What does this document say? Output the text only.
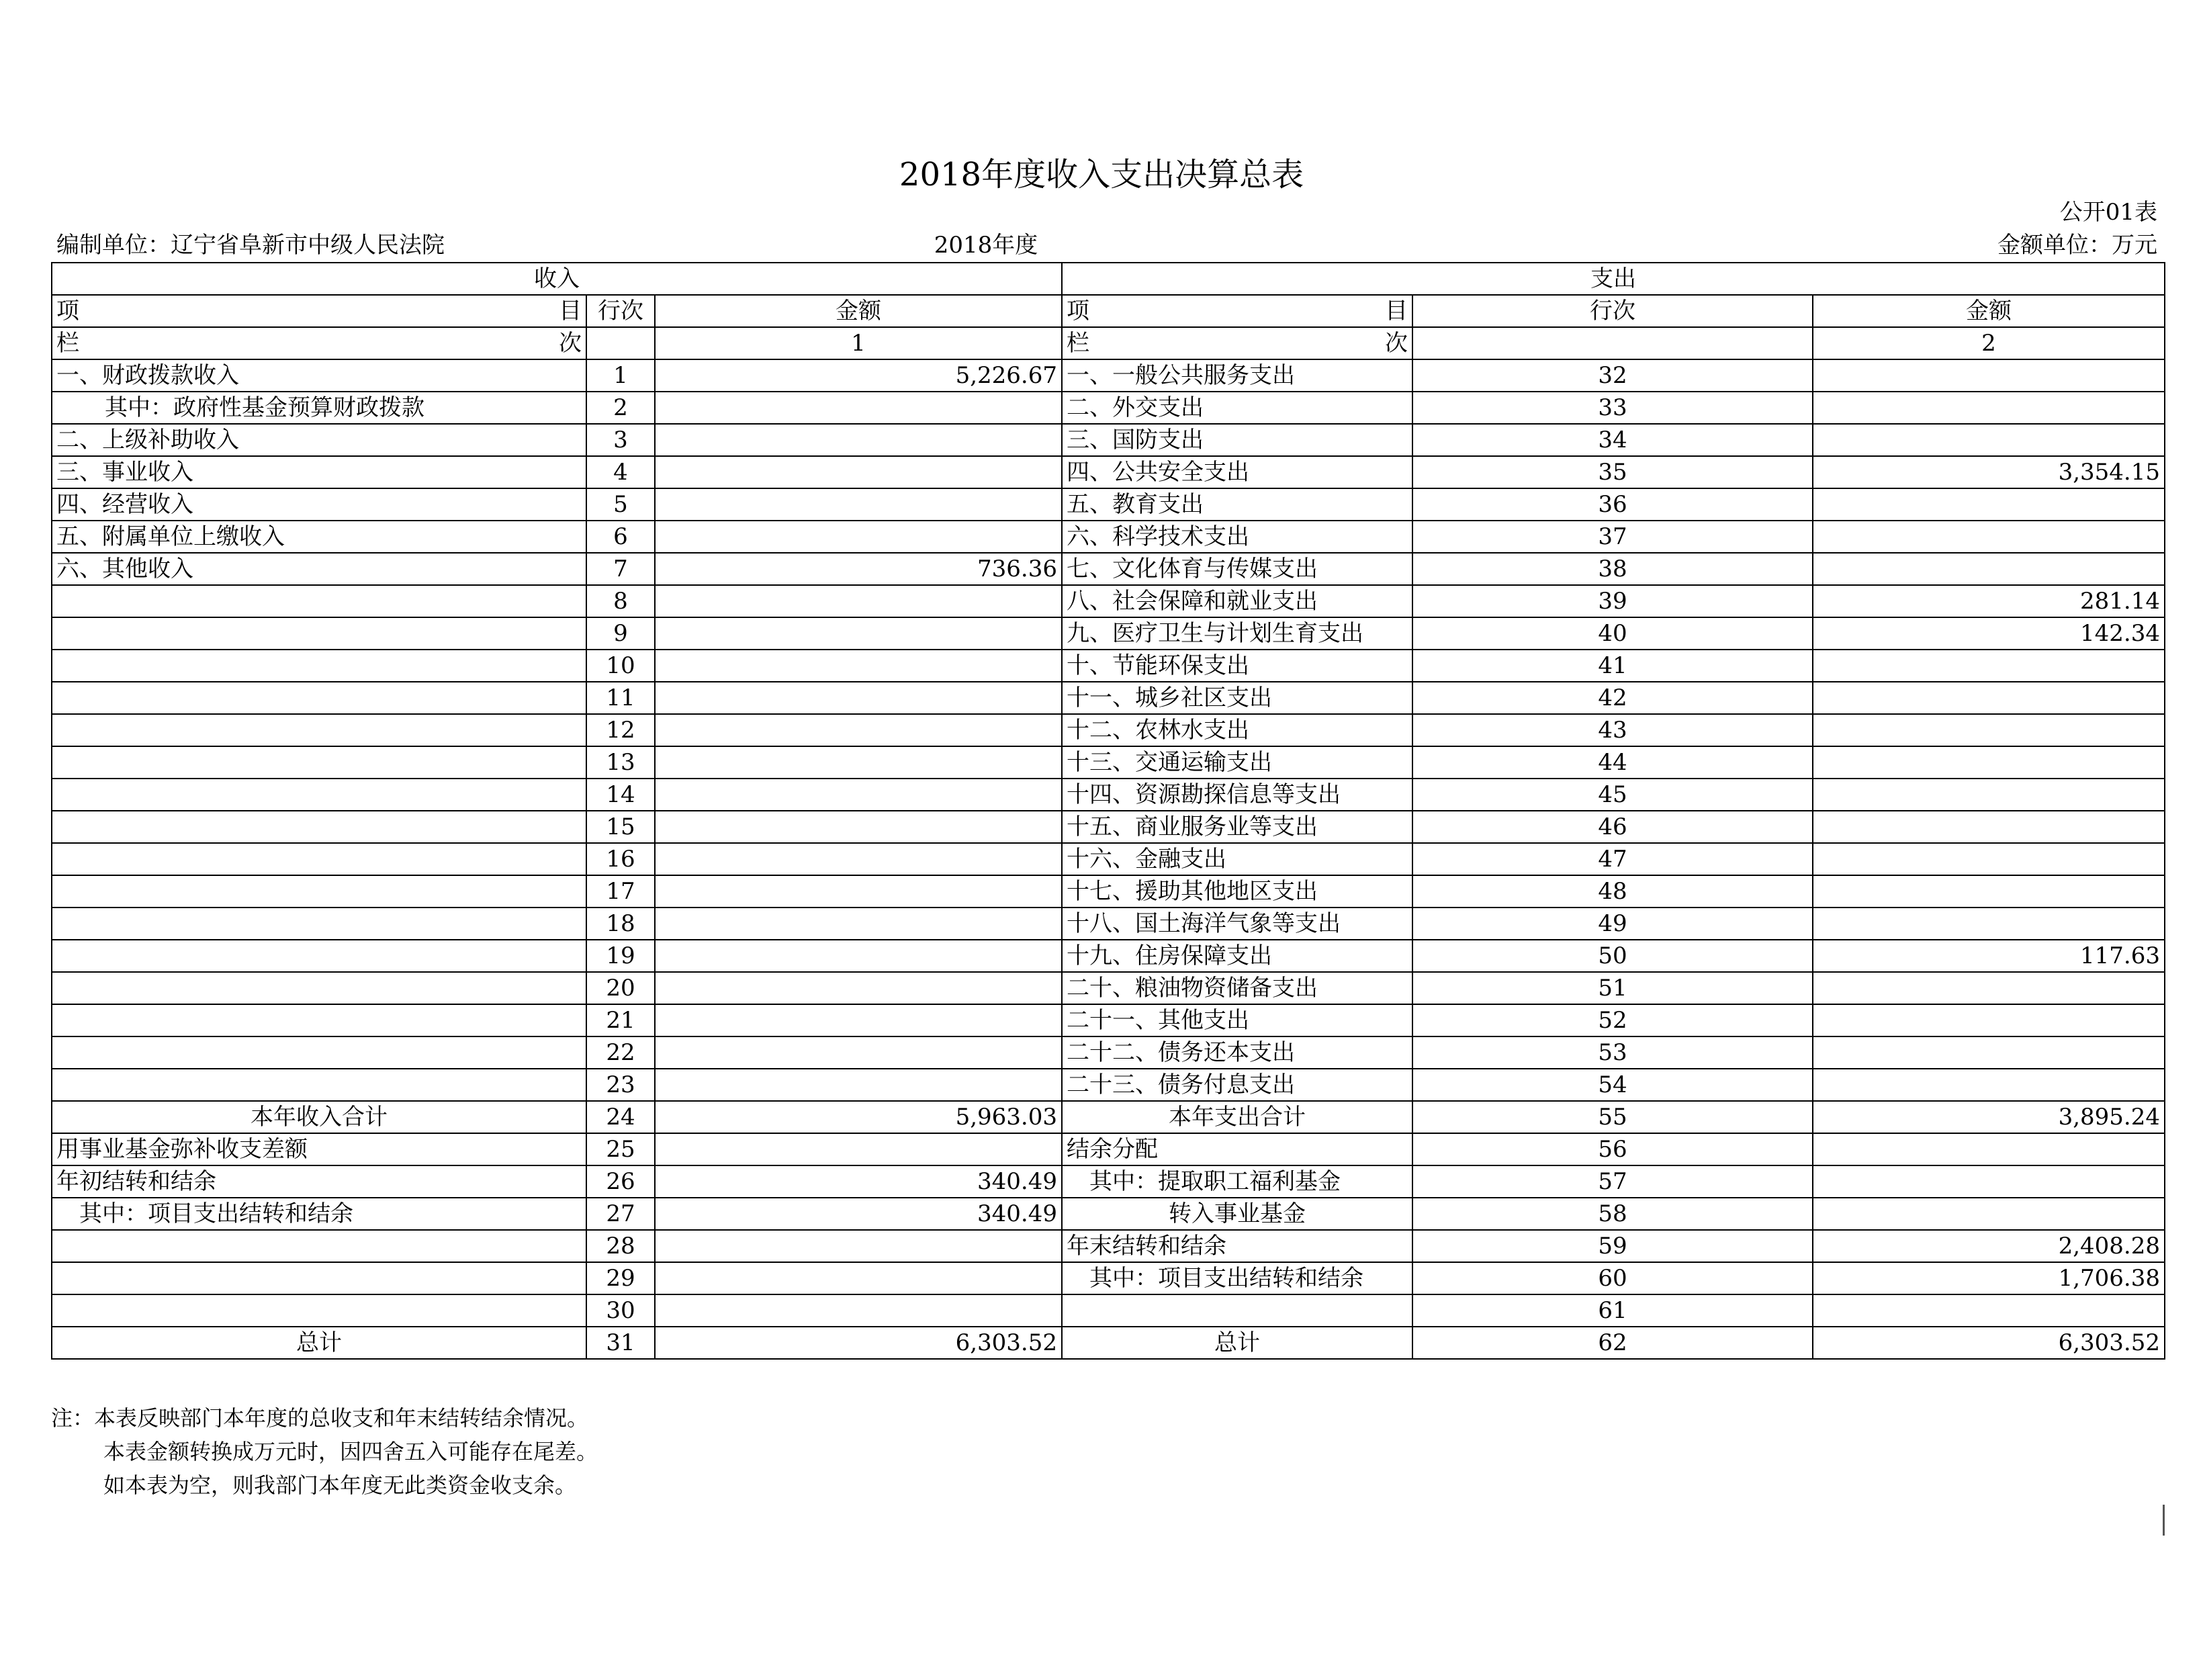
2018年度收入支出决算总表
公开01表
编制单位：辽宁省阜新市中级人民法院	2018年度	金额单位：万元
收入			支出		

项 目	行次	金额	项 目	行次	金额

栏 次		1	栏 次		2
一、财政拨款收入	1	5,226.67	一、一般公共服务支出	32	
其中：政府性基金预算财政拨款	2		二、外交支出	33	
二、上级补助收入	3		三、国防支出	34	
三、事业收入	4		四、公共安全支出	35	3,354.15
四、经营收入	5		五、教育支出	36	
五、附属单位上缴收入	6		六、科学技术支出	37	
六、其他收入	7	736.36	七、文化体育与传媒支出	38	
	8		八、社会保障和就业支出	39	281.14
	9		九、医疗卫生与计划生育支出	40	142.34
	10		十、节能环保支出	41	
	11		十一、城乡社区支出	42	
	12		十二、农林水支出	43	
	13		十三、交通运输支出	44	
	14		十四、资源勘探信息等支出	45	
	15		十五、商业服务业等支出	46	
	16		十六、金融支出	47	
	17		十七、援助其他地区支出	48	
	18		十八、国土海洋气象等支出	49	
	19		十九、住房保障支出	50	117.63
	20		二十、粮油物资储备支出	51	
	21		二十一、其他支出	52	
	22		二十二、债务还本支出	53	
	23		二十三、债务付息支出	54	
本年收入合计	24	5,963.03	本年支出合计	55	3,895.24
用事业基金弥补收支差额	25		结余分配	56	
年初结转和结余	26	340.49	其中：提取职工福利基金	57	
其中：项目支出结转和结余	27	340.49	转入事业基金	58	
	28		年末结转和结余	59	2,408.28
	29		其中：项目支出结转和结余	60	1,706.38
	30			61	
总计	31	6,303.52	总计	62	6,303.52
注：本表反映部门本年度的总收支和年末结转结余情况。
本表金额转换成万元时，因四舍五入可能存在尾差。
如本表为空，则我部门本年度无此类资金收支余。
